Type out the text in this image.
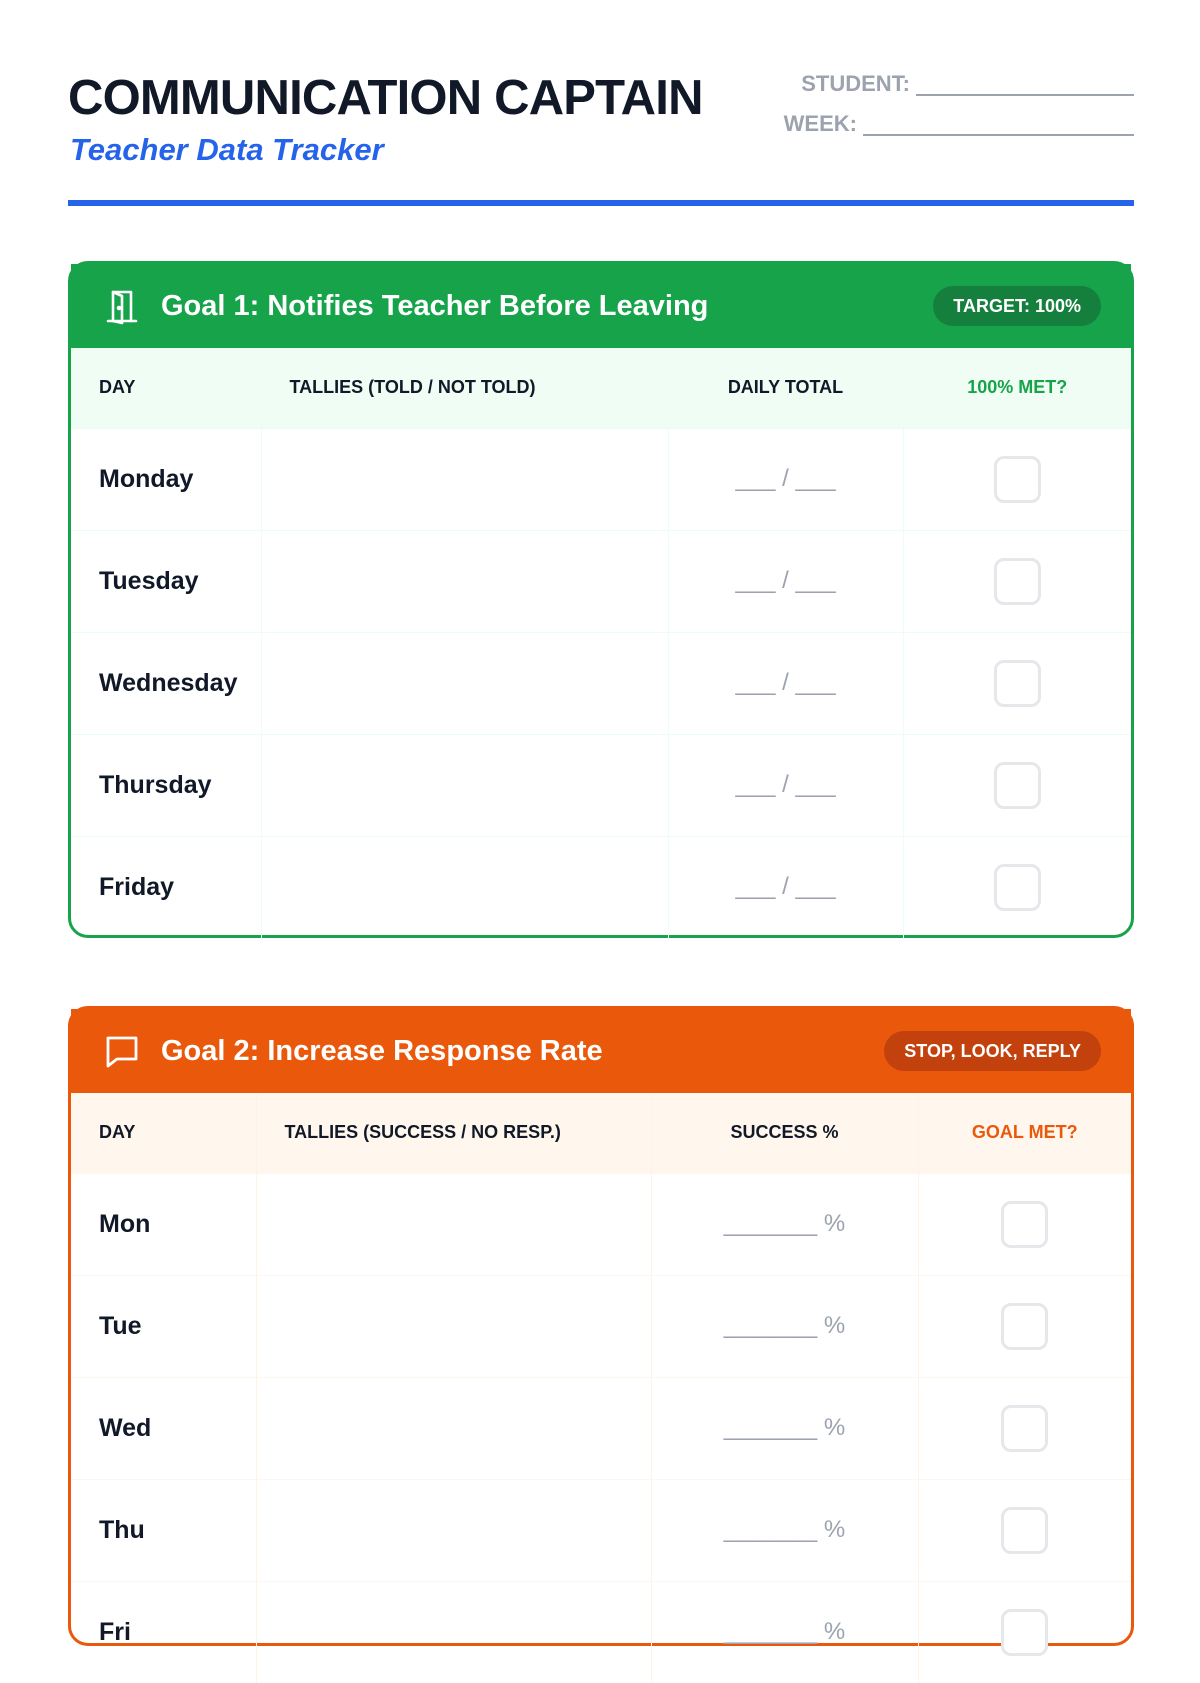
COMMUNICATION CAPTAIN
Teacher Data Tracker
STUDENT:
WEEK:
Goal 1: Notifies Teacher Before Leaving	TARGET: 100%
DAY	TALLIES (TOLD / NOT TOLD)	DAILY TOTAL	100% MET?
Monday		___ / ___	
Tuesday		___ / ___	
Wednesday		___ / ___	
Thursday		___ / ___	
Friday		___ / ___	
Goal 2: Increase Response Rate	STOP, LOOK, REPLY
DAY	TALLIES (SUCCESS / NO RESP.)	SUCCESS %	GOAL MET?
Mon		_______ %	
Tue		_______ %	
Wed		_______ %	
Thu		_______ %	
Fri		_______ %	
